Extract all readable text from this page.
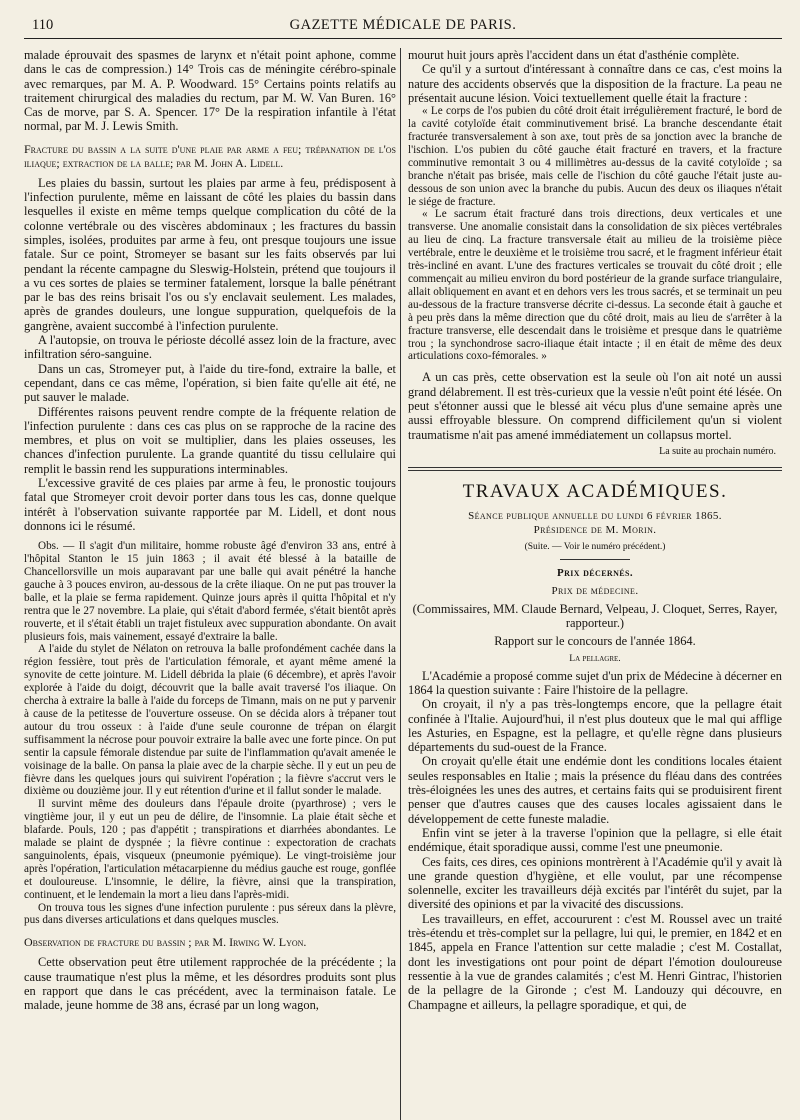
110	GAZETTE MÉDICALE DE PARIS.

malade éprouvait des spasmes de larynx et n'était point aphone, comme dans le cas de compression.) 14° Trois cas de méningite cérébro-spinale avec remarques, par M. A. P. Woodward. 15° Certains points relatifs au traitement chirurgical des maladies du rectum, par M. W. Van Buren. 16° Cas de morve, par S. A. Spencer. 17° De la respiration infantile à l'état normal, par M. J. Lewis Smith.

Fracture du bassin a la suite d'une plaie par arme a feu; trépanation de l'os iliaque; extraction de la balle; par M. John A. Lidell.

Les plaies du bassin, surtout les plaies par arme à feu, prédisposent à l'infection purulente, même en laissant de côté les plaies du bassin dans lesquelles il existe en même temps quelque complication du côté de la colonne vertébrale ou des viscères abdominaux ; les fractures du bassin simples, isolées, produites par arme à feu, ont presque toujours une issue fatale. Sur ce point, Stromeyer se basant sur les faits observés par lui pendant la récente campagne du Sleswig-Holstein, prétend que toujours il a vu ces sortes de plaies se terminer fatalement, lorsque la balle pénétrant par le bas des reins brisait l'os ou s'y enclavait seulement. Les malades, après de grandes douleurs, une longue suppuration, quelquefois de la gangrène, avaient succombé à l'infection purulente.

A l'autopsie, on trouva le périoste décollé assez loin de la fracture, avec infiltration séro-sanguine.

Dans un cas, Stromeyer put, à l'aide du tire-fond, extraire la balle, et cependant, dans ce cas même, l'opération, si bien faite qu'elle ait été, ne put sauver le malade.

Différentes raisons peuvent rendre compte de la fréquente relation de l'infection purulente : dans ces cas plus on se rapproche de la racine des membres, et plus on voit se multiplier, dans les plaies osseuses, les chances d'infection purulente. La grande quantité du tissu cellulaire qui remplit le bassin rend les suppurations interminables.

L'excessive gravité de ces plaies par arme à feu, le pronostic toujours fatal que Stromeyer croit devoir porter dans tous les cas, donne quelque intérêt à l'observation suivante rapportée par M. Lidell, et dont nous donnons ici le résumé.

Obs. — Il s'agit d'un militaire, homme robuste âgé d'environ 33 ans, entré à l'hôpital Stanton le 15 juin 1863 ; il avait été blessé à la bataille de Chancellorsville un mois auparavant par une balle qui avait pénétré la hanche gauche à 3 pouces environ, au-dessous de la crête iliaque. On ne put pas trouver la balle, et la plaie se ferma rapidement. Quinze jours après il quitta l'hôpital et n'y rentra que le 27 novembre. La plaie, qui s'était d'abord fermée, s'était bientôt après rouverte, et il s'était établi un trajet fistuleux avec suppuration abondante. On avait plusieurs fois, mais vainement, essayé d'extraire la balle.

A l'aide du stylet de Nélaton on retrouva la balle profondément cachée dans la région fessière, tout près de l'articulation fémorale, et ayant même amené la synovite de cette jointure. M. Lidell débrida la plaie (6 décembre), et après l'avoir explorée à l'aide du doigt, découvrit que la balle avait traversé l'os iliaque. On chercha à extraire la balle à l'aide du forceps de Timann, mais on ne put y parvenir à cause de la petitesse de l'ouverture osseuse. On se décida alors à trépaner tout autour du trou osseux : à l'aide d'une seule couronne de trépan on élargit suffisamment la nécrose pour pouvoir extraire la balle avec une forte pince. On put sentir la capsule fémorale distendue par suite de l'inflammation qu'avait amenée le voisinage de la balle. On pansa la plaie avec de la charpie sèche. Il y eut un peu de fièvre dans les quelques jours qui suivirent l'opération ; la fièvre s'accrut vers le dixième ou douzième jour. Il y eut rétention d'urine et il fallut sonder le malade.

Il survint même des douleurs dans l'épaule droite (pyarthrose) ; vers le vingtième jour, il y eut un peu de délire, de l'insomnie. La plaie était sèche et blafarde. Pouls, 120 ; pas d'appétit ; transpirations et diarrhées abondantes. Le malade se plaint de dyspnée ; la fièvre continue : expectoration de crachats sanguinolents, épais, visqueux (pneumonie pyémique). Le vingt-troisième jour après l'opération, l'articulation métacarpienne du médius gauche est rouge, gonflée et douloureuse. L'insomnie, le délire, la fièvre, ainsi que la transpiration, continuent, et le lendemain la mort a lieu dans l'après-midi.

On trouva tous les signes d'une infection purulente : pus séreux dans la plèvre, pus dans diverses articulations et dans quelques muscles.

Observation de fracture du bassin ; par M. Irwing W. Lyon.

Cette observation peut être utilement rapprochée de la précédente ; la cause traumatique n'est plus la même, et les désordres produits sont plus en rapport que dans le cas précédent, avec la terminaison fatale. Le malade, jeune homme de 38 ans, écrasé par un long wagon,

mourut huit jours après l'accident dans un état d'asthénie complète.

Ce qu'il y a surtout d'intéressant à connaître dans ce cas, c'est moins la nature des accidents observés que la disposition de la fracture. La peau ne présentait aucune lésion. Voici textuellement quelle était la fracture :

« Le corps de l'os pubien du côté droit était irrégulièrement fracturé, le bord de la cavité cotyloïde était comminutivement brisé. La branche descendante était fracturée transversalement à son axe, tout près de sa jonction avec la branche de l'ischion. L'os pubien du côté gauche était fracturé en travers, et la fracture comminutive remontait 3 ou 4 millimètres au-dessus de la cavité cotyloïde ; sa branche n'était pas brisée, mais celle de l'ischion du côté gauche l'était juste au-dessous de son union avec la branche du pubis. Aucun des deux os iliaques n'était le siége de fracture.

« Le sacrum était fracturé dans trois directions, deux verticales et une transverse. Une anomalie consistait dans la consolidation de six pièces vertébrales au lieu de cinq. La fracture transversale était au milieu de la troisième pièce vertébrale, entre le deuxième et le troisième trou sacré, et le fragment inférieur était très-incliné en avant. L'une des fractures verticales se trouvait du côté droit ; elle commençait au milieu environ du bord postérieur de la grande surface triangulaire, allait obliquement en avant et en dehors vers les trous sacrés, et se terminait un peu au-dessous de la fracture transverse décrite ci-dessus. La seconde était à gauche et à peu près dans la même direction que du côté droit, mais au lieu de s'arrêter à la fracture transverse, elle descendait dans le troisième et presque dans le quatrième trou ; la synchondrose sacro-iliaque était intacte ; il en était de même des deux articulations coxo-fémorales. »

A un cas près, cette observation est la seule où l'on ait noté un aussi grand délabrement. Il est très-curieux que la vessie n'eût point été lésée. On peut s'étonner aussi que le blessé ait vécu plus d'une semaine après une aussi effroyable blessure. On comprend difficilement qu'un si violent traumatisme n'ait pas amené immédiatement un collapsus mortel.

La suite au prochain numéro.
TRAVAUX ACADÉMIQUES.
Séance publique annuelle du lundi 6 février 1865.
Présidence de M. Morin.
(Suite. — Voir le numéro précédent.)
Prix décernés.
Prix de médecine.

(Commissaires, MM. Claude Bernard, Velpeau, J. Cloquet, Serres, Rayer, rapporteur.)

Rapport sur le concours de l'année 1864.

La pellagre.

L'Académie a proposé comme sujet d'un prix de Médecine à décerner en 1864 la question suivante : Faire l'histoire de la pellagre.

On croyait, il n'y a pas très-longtemps encore, que la pellagre était confinée à l'Italie. Aujourd'hui, il n'est plus douteux que le mal qui afflige les Asturies, en Espagne, est la pellagre, et qu'elle règne dans plusieurs départements du sud-ouest de la France.

On croyait qu'elle était une endémie dont les conditions locales étaient seules responsables en Italie ; mais la présence du fléau dans des contrées très-éloignées les unes des autres, et certains faits qui se produisirent firent penser que d'autres causes que des causes locales agissaient dans le développement de cette funeste maladie.

Enfin vint se jeter à la traverse l'opinion que la pellagre, si elle était endémique, était sporadique aussi, comme l'est une pneumonie.

Ces faits, ces dires, ces opinions montrèrent à l'Académie qu'il y avait là une grande question d'hygiène, et elle voulut, par une récompense solennelle, exciter les travailleurs déjà excités par l'intérêt du sujet, par la diversité des opinions et par la vivacité des discussions.

Les travailleurs, en effet, accoururent : c'est M. Roussel avec un traité très-étendu et très-complet sur la pellagre, lui qui, le premier, en 1842 et en 1845, appela en France l'attention sur cette maladie ; c'est M. Costallat, dont les investigations ont pour point de départ l'émotion douloureuse ressentie à la vue de grandes calamités ; c'est M. Henri Gintrac, l'historien de la pellagre de la Gironde ; c'est M. Landouzy qui découvre, en Champagne et ailleurs, la pellagre sporadique, et qui, de
